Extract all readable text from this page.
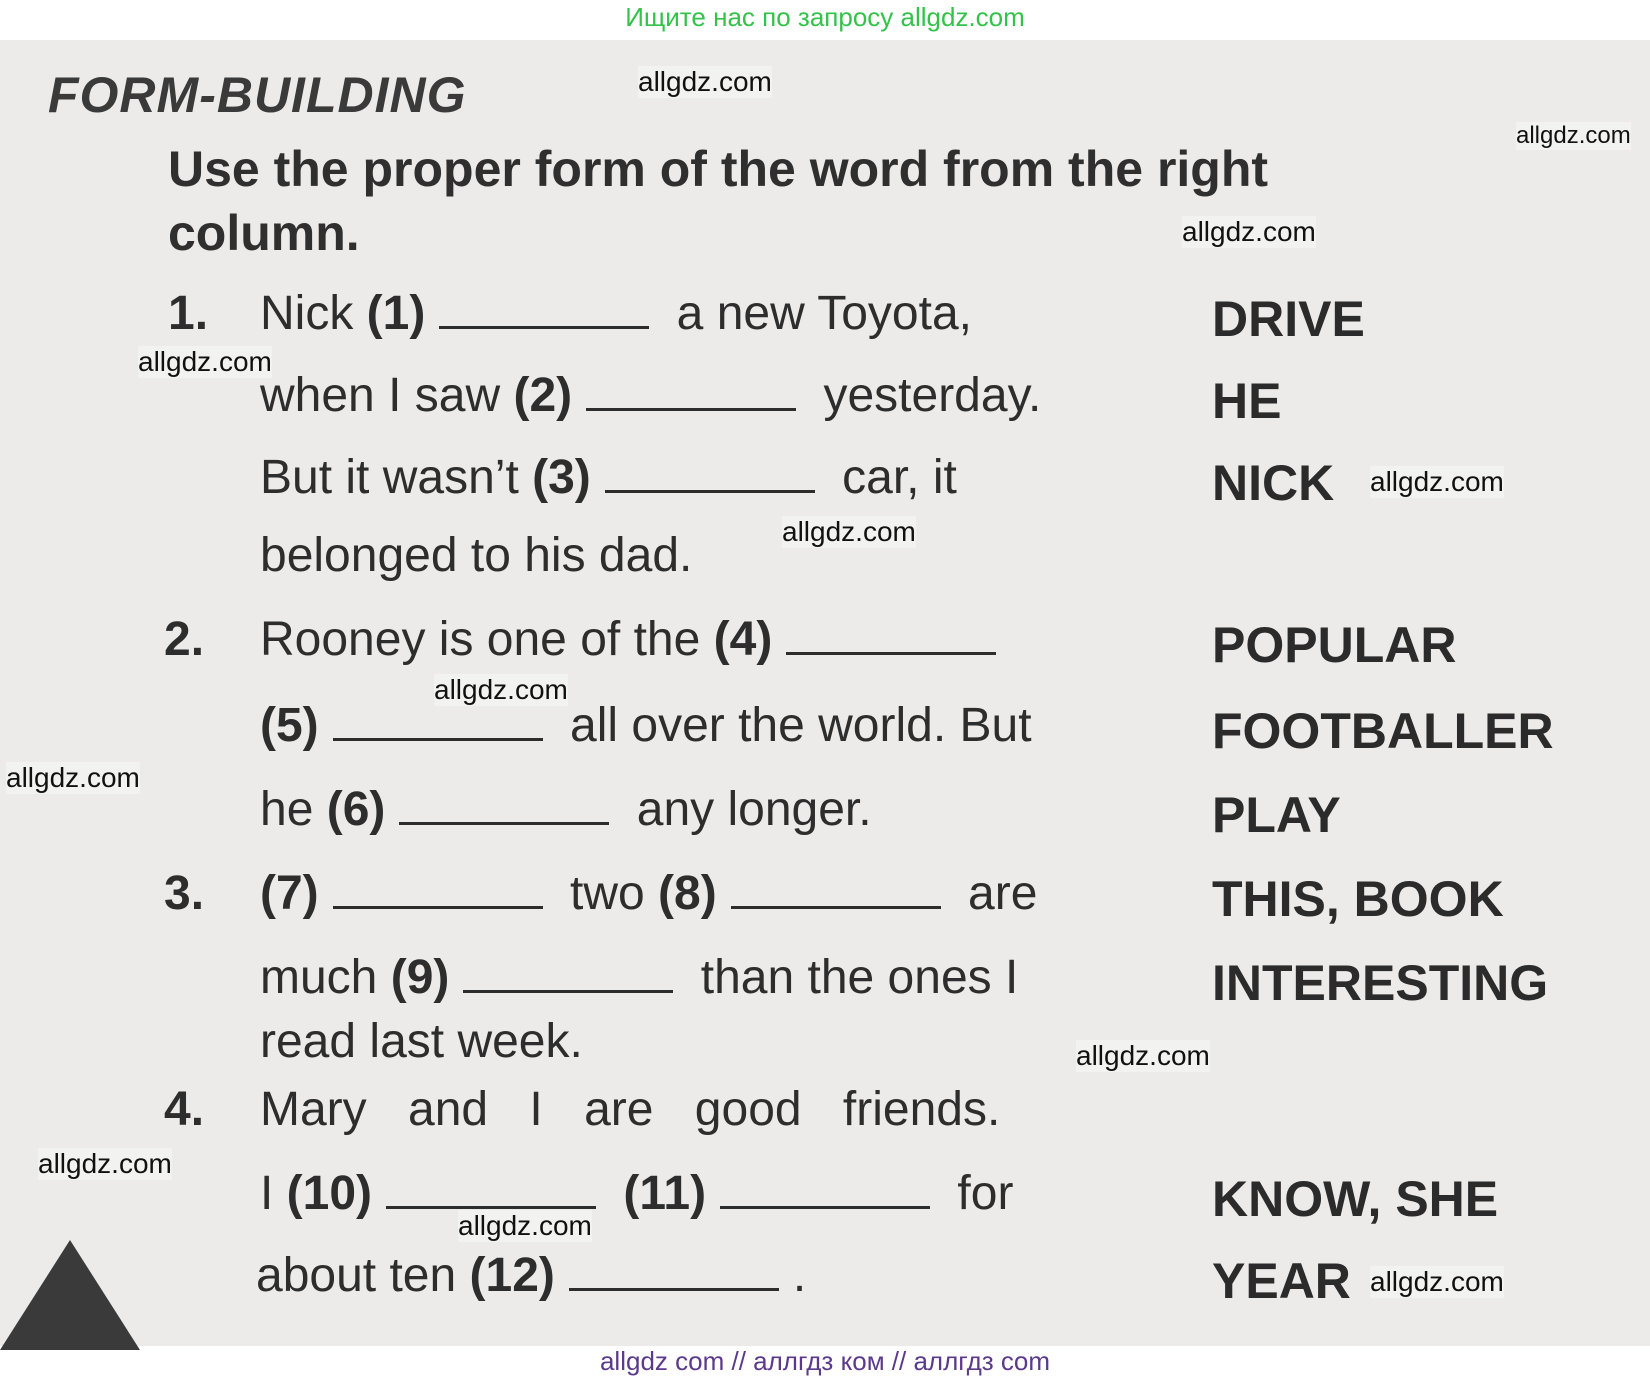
Ищите нас по запросу allgdz.com
FORM-BUILDING
Use the proper form of the word from the right
column.
1. Nick (1)	a new Toyota,	DRIVE
when I saw (2)	yesterday.	HE
But it wasn’t (3)	car, it	NICK
belonged to his dad.
2. Rooney is one of the (4)	POPULAR
(5)	all over the world. But	FOOTBALLER
he (6)	any longer.	PLAY
3. (7)	two (8)	are	THIS, BOOK
much (9)	than the ones I	INTERESTING
read last week.
4. Mary and I are good friends.
I (10)	(11)	for	KNOW, SHE
about ten (12)	.	YEAR
allgdz.com
allgdz.com
allgdz.com
allgdz.com
allgdz.com
allgdz.com
allgdz.com
allgdz.com
allgdz.com
allgdz.com
allgdz.com
allgdz.com
allgdz com // аллгдз ком // аллгдз com
